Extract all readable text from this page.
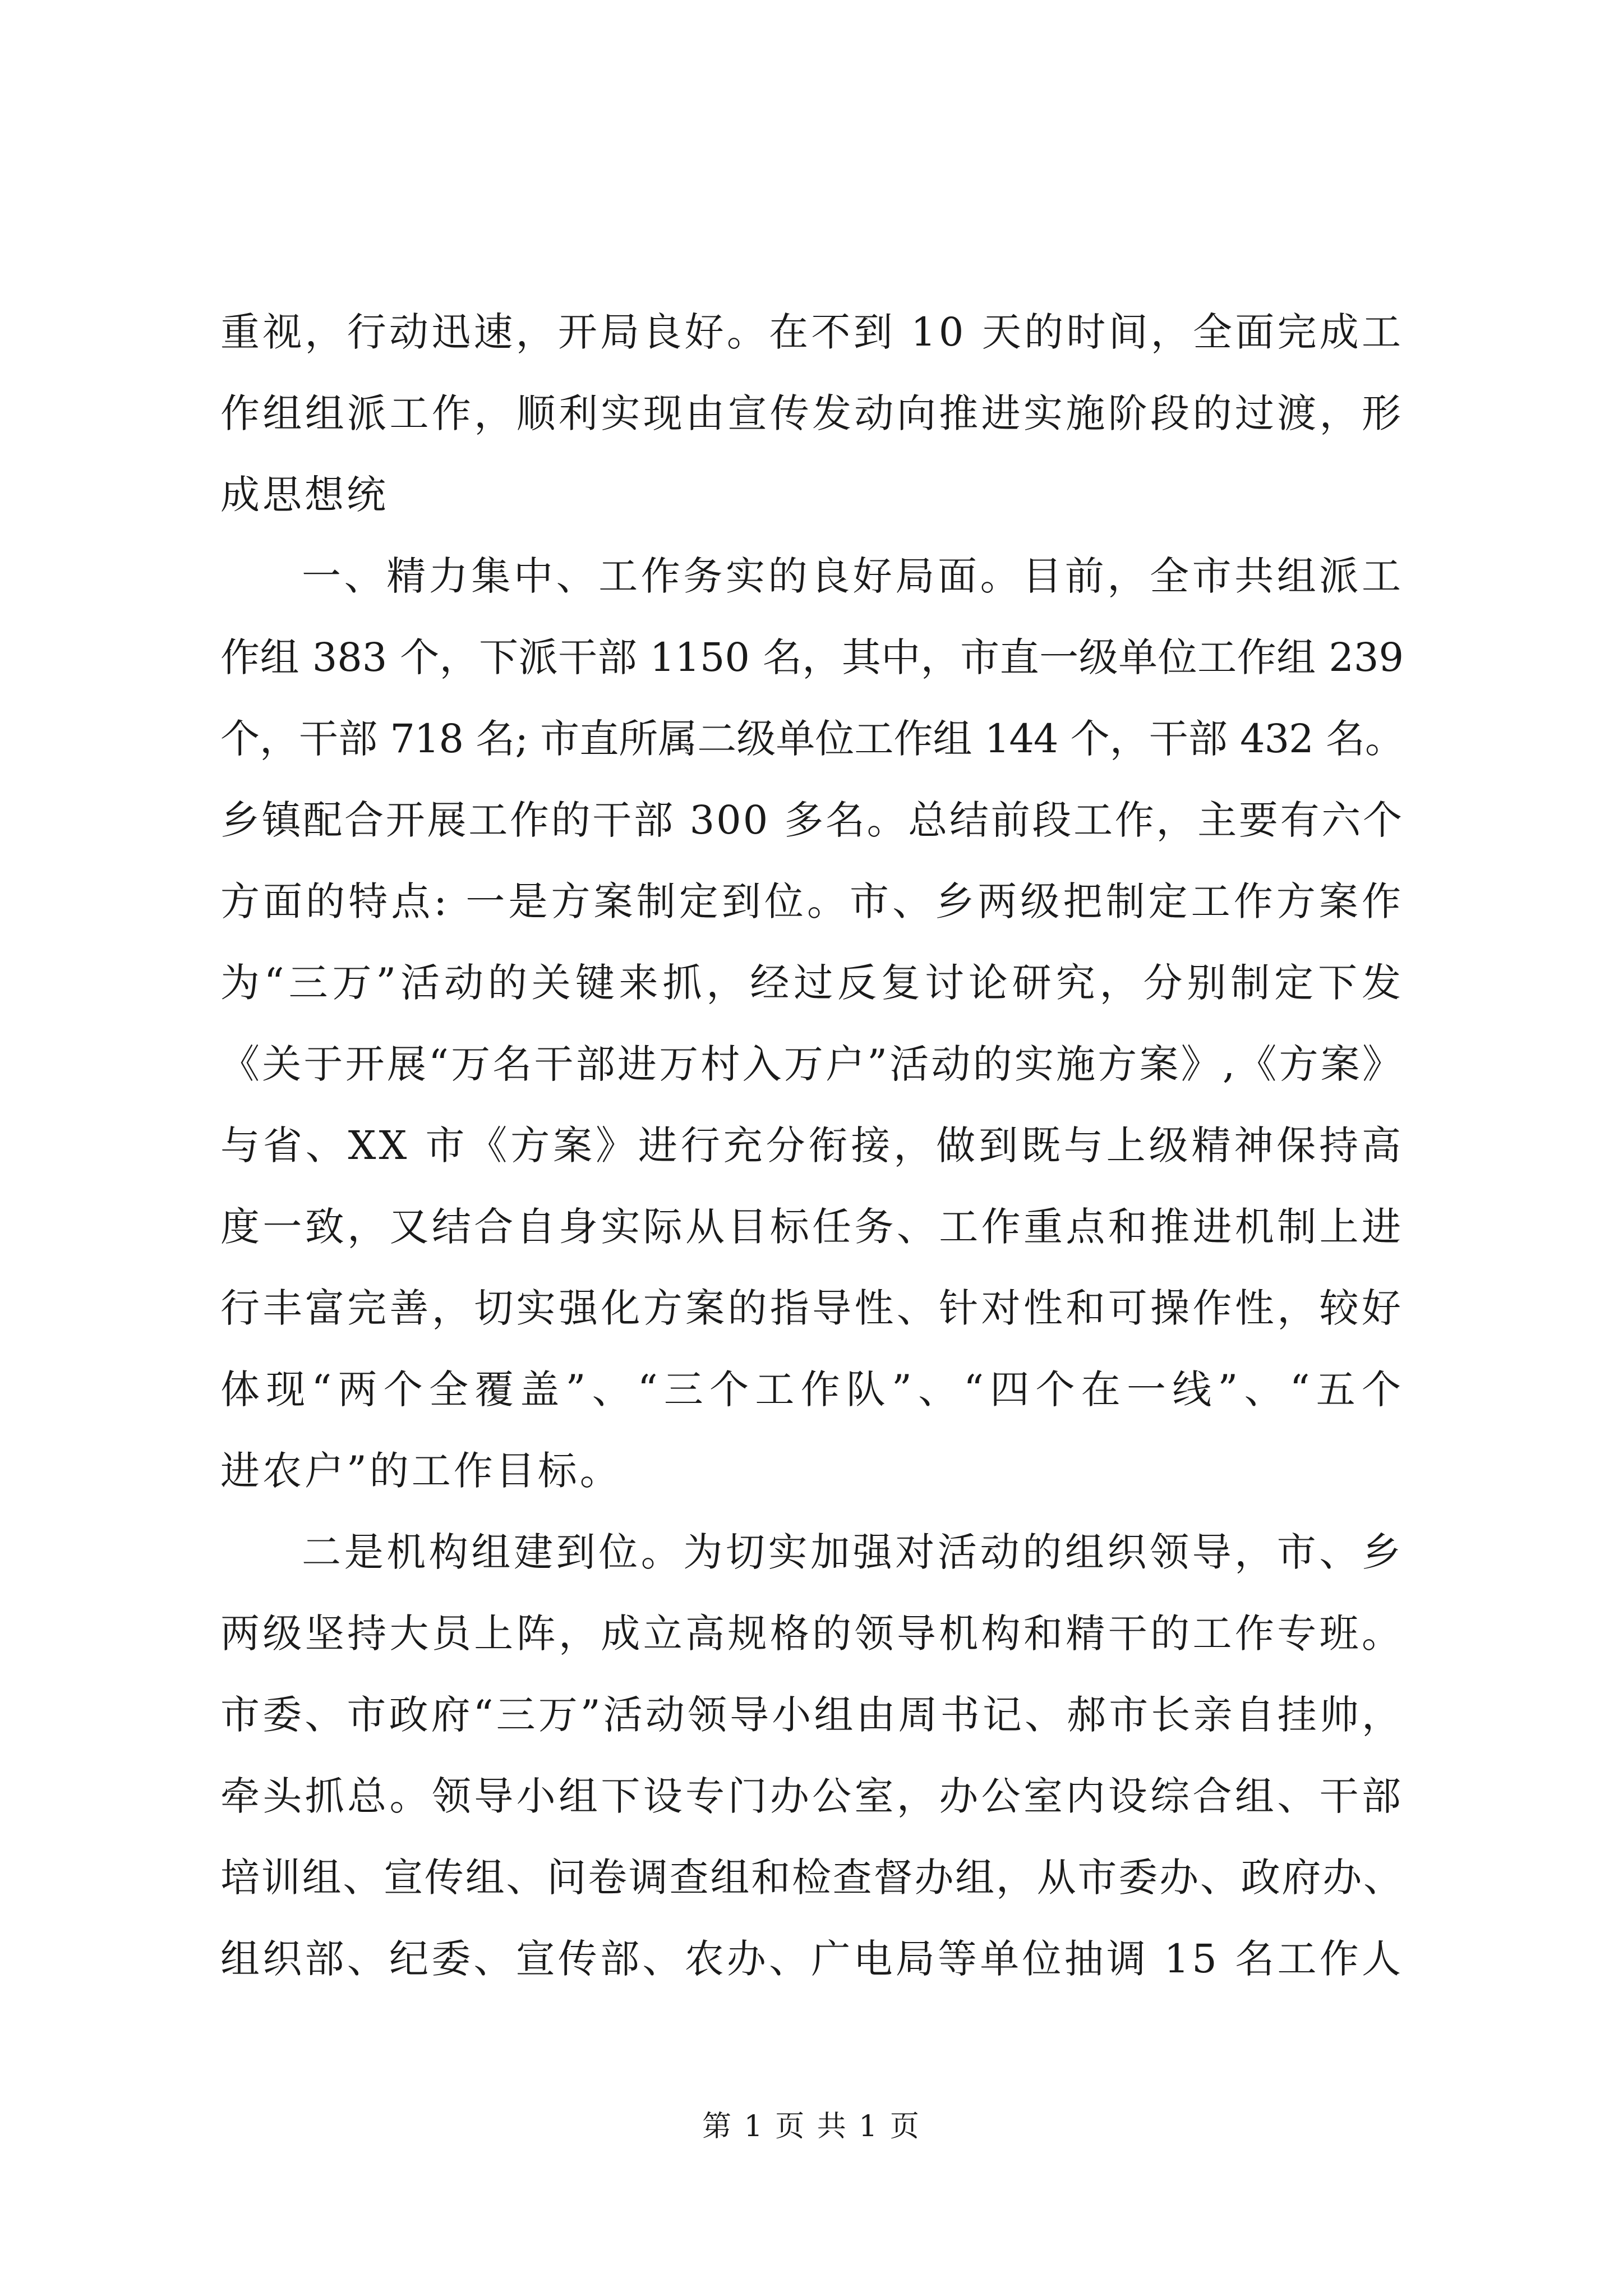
重视，行动迅速，开局良好。在不到 10 天的时间，全面完成工
作组组派工作，顺利实现由宣传发动向推进实施阶段的过渡，形
成思想统
一、精力集中、工作务实的良好局面。目前，全市共组派工
作组 383 个，下派干部 1150 名，其中，市直一级单位工作组 239
个，干部 718 名; 市直所属二级单位工作组 144 个，干部 432 名。
乡镇配合开展工作的干部 300 多名。总结前段工作，主要有六个
方面的特点: 一是方案制定到位。市、乡两级把制定工作方案作
为“三万”活动的关键来抓，经过反复讨论研究，分别制定下发
《关于开展“万名干部进万村入万户”活动的实施方案》,《方案》
与省、XX 市《方案》进行充分衔接，做到既与上级精神保持高
度一致，又结合自身实际从目标任务、工作重点和推进机制上进
行丰富完善，切实强化方案的指导性、针对性和可操作性，较好
体现“两个全覆盖”、“三个工作队”、“四个在一线”、“五个
进农户”的工作目标。
二是机构组建到位。为切实加强对活动的组织领导，市、乡
两级坚持大员上阵，成立高规格的领导机构和精干的工作专班。
市委、市政府“三万”活动领导小组由周书记、郝市长亲自挂帅，
牵头抓总。领导小组下设专门办公室，办公室内设综合组、干部
培训组、宣传组、问卷调查组和检查督办组，从市委办、政府办、
组织部、纪委、宣传部、农办、广电局等单位抽调 15 名工作人
第 1 页 共 1 页
